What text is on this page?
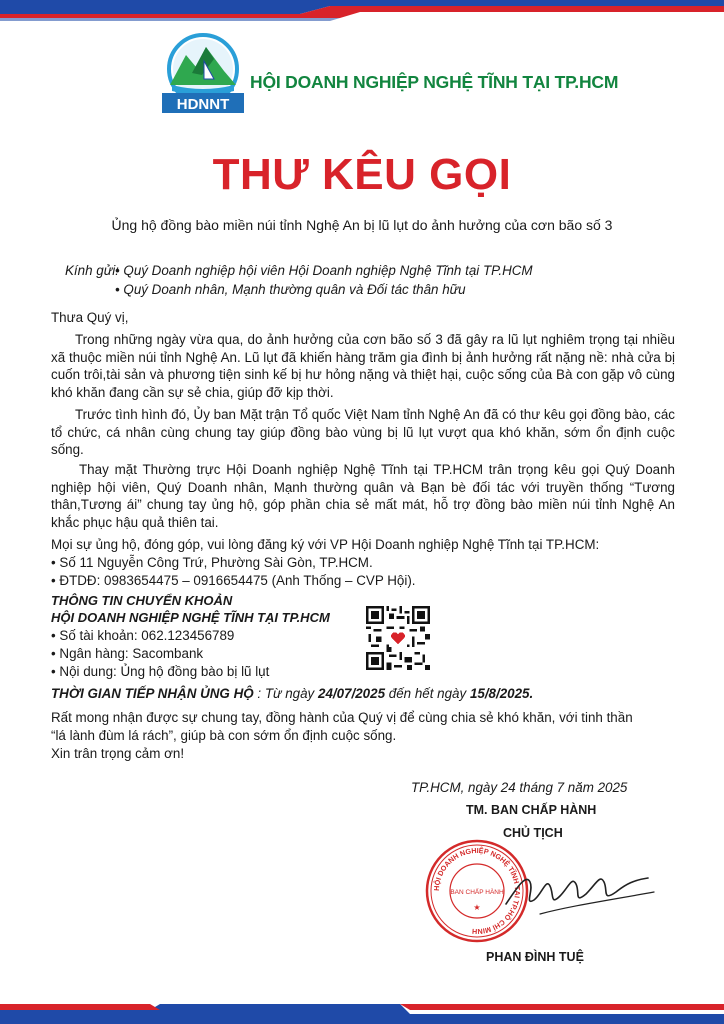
HDNNT
HỘI DOANH NGHIỆP NGHỆ TĨNH TẠI TP.HCM
THƯ KÊU GỌI
Ủng hộ đồng bào miền núi tỉnh Nghệ An bị lũ lụt do ảnh hưởng của cơn bão số 3
Kính gửi:
• Quý Doanh nghiệp hội viên Hội Doanh nghiệp Nghệ Tĩnh tại TP.HCM
• Quý Doanh nhân, Mạnh thường quân và Đối tác thân hữu

Thưa Quý vị,

Trong những ngày vừa qua, do ảnh hưởng của cơn bão số 3 đã gây ra lũ lụt nghiêm trọng tại nhiều xã thuộc miền núi tỉnh Nghệ An. Lũ lụt đã khiến hàng trăm gia đình bị ảnh hưởng rất nặng nề: nhà cửa bị cuốn trôi,tài sản và phương tiện sinh kế bị hư hỏng nặng và thiệt hại, cuộc sống của Bà con gặp vô cùng khó khăn đang cần sự sẻ chia, giúp đỡ kịp thời.

Trước tình hình đó, Ủy ban Mặt trận Tổ quốc Việt Nam tỉnh Nghệ An đã có thư kêu gọi đồng bào, các tổ chức, cá nhân cùng chung tay giúp đồng bào vùng bị lũ lụt vượt qua khó khăn, sớm ổn định cuộc sống.

Thay mặt Thường trực Hội Doanh nghiệp Nghệ Tĩnh tại TP.HCM trân trọng kêu gọi Quý Doanh nghiệp hội viên, Quý Doanh nhân, Mạnh thường quân và Bạn bè đối tác với truyền thống “Tương thân,Tương ái” chung tay ủng hộ, góp phần chia sẻ mất mát, hỗ trợ đồng bào miền núi tỉnh Nghệ An khắc phục hậu quả thiên tai.

Mọi sự ủng hộ, đóng góp, vui lòng đăng ký với VP Hội Doanh nghiệp Nghệ Tĩnh tại TP.HCM:

• Số 11 Nguyễn Công Trứ, Phường Sài Gòn, TP.HCM.

• ĐTDĐ: 0983654475 – 0916654475 (Anh Thống – CVP Hội).

THÔNG TIN CHUYỂN KHOẢN

HỘI DOANH NGHIỆP NGHỆ TĨNH TẠI TP.HCM

• Số tài khoản: 062.123456789

• Ngân hàng: Sacombank

• Nội dung: Ủng hộ đồng bào bị lũ lụt

THỜI GIAN TIẾP NHẬN ỦNG HỘ : Từ ngày 24/07/2025 đến hết ngày 15/8/2025.

Rất mong nhận được sự chung tay, đồng hành của Quý vị để cùng chia sẻ khó khăn, với tinh thần

“lá lành đùm lá rách”, giúp bà con sớm ổn định cuộc sống.

Xin trân trọng cảm ơn!

TP.HCM, ngày 24 tháng 7 năm 2025
TM. BAN CHẤP HÀNH
CHỦ TỊCH
HỘI DOANH NGHIỆP NGHỆ TĨNH TẠI TP.HỒ CHÍ MINH
BAN CHẤP HÀNH
★
PHAN ĐÌNH TUỆ
